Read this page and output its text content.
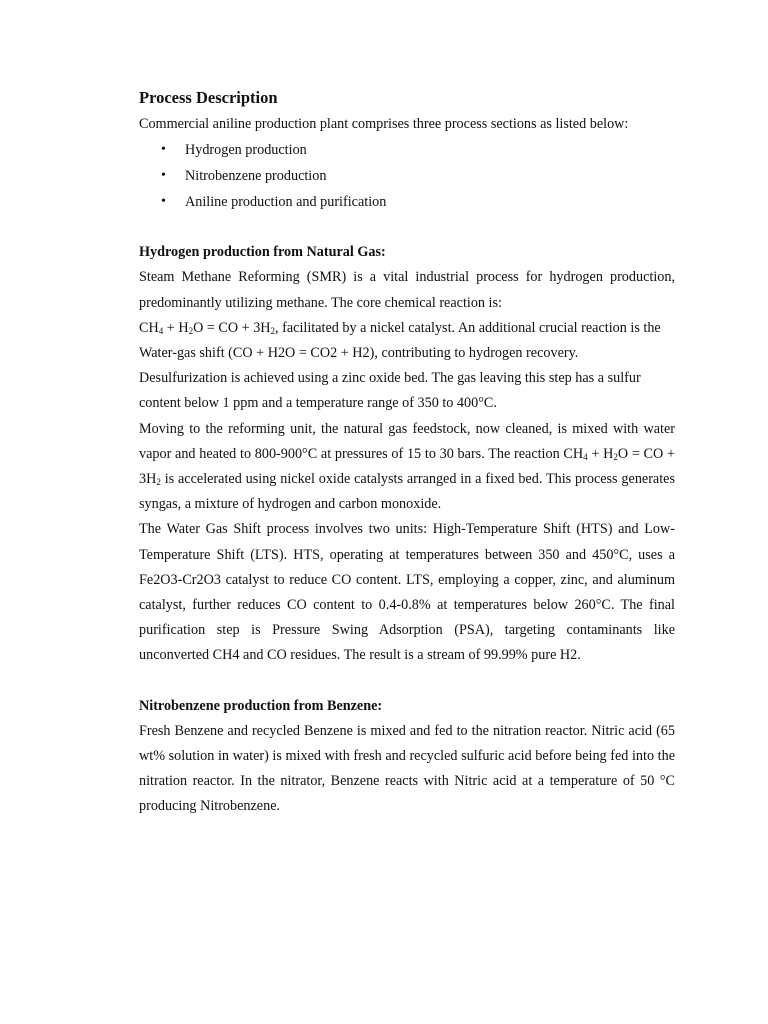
Process Description

Commercial aniline production plant comprises three process sections as listed below:

• Hydrogen production
• Nitrobenzene production
• Aniline production and purification

Hydrogen production from Natural Gas:

Steam Methane Reforming (SMR) is a vital industrial process for hydrogen production, predominantly utilizing methane. The core chemical reaction is:

$CH_4 + H_2O$ = CO + $3H_2$, facilitated by a nickel catalyst. An additional crucial reaction is the Water-gas shift (CO + H2O = CO2 + H2), contributing to hydrogen recovery.

Desulfurization is achieved using a zinc oxide bed. The gas leaving this step has a sulfur content below 1 ppm and a temperature range of 350 to 400°C.

Moving to the reforming unit, the natural gas feedstock, now cleaned, is mixed with water vapor and heated to 800-900°C at pressures of 15 to 30 bars. The reaction $CH_4 + H_2O$ = CO + $3H_2$ is accelerated using nickel oxide catalysts arranged in a fixed bed. This process generates syngas, a mixture of hydrogen and carbon monoxide.

The Water Gas Shift process involves two units: High-Temperature Shift (HTS) and Low-Temperature Shift (LTS). HTS, operating at temperatures between 350 and 450°C, uses a Fe2O3-Cr2O3 catalyst to reduce CO content. LTS, employing a copper, zinc, and aluminum catalyst, further reduces CO content to 0.4-0.8% at temperatures below 260°C. The final purification step is Pressure Swing Adsorption (PSA), targeting contaminants like unconverted CH4 and CO residues. The result is a stream of 99.99% pure H2.

Nitrobenzene production from Benzene:

Fresh Benzene and recycled Benzene is mixed and fed to the nitration reactor. Nitric acid (65 wt% solution in water) is mixed with fresh and recycled sulfuric acid before being fed into the nitration reactor. In the nitrator, Benzene reacts with Nitric acid at a temperature of 50 °C producing Nitrobenzene.
